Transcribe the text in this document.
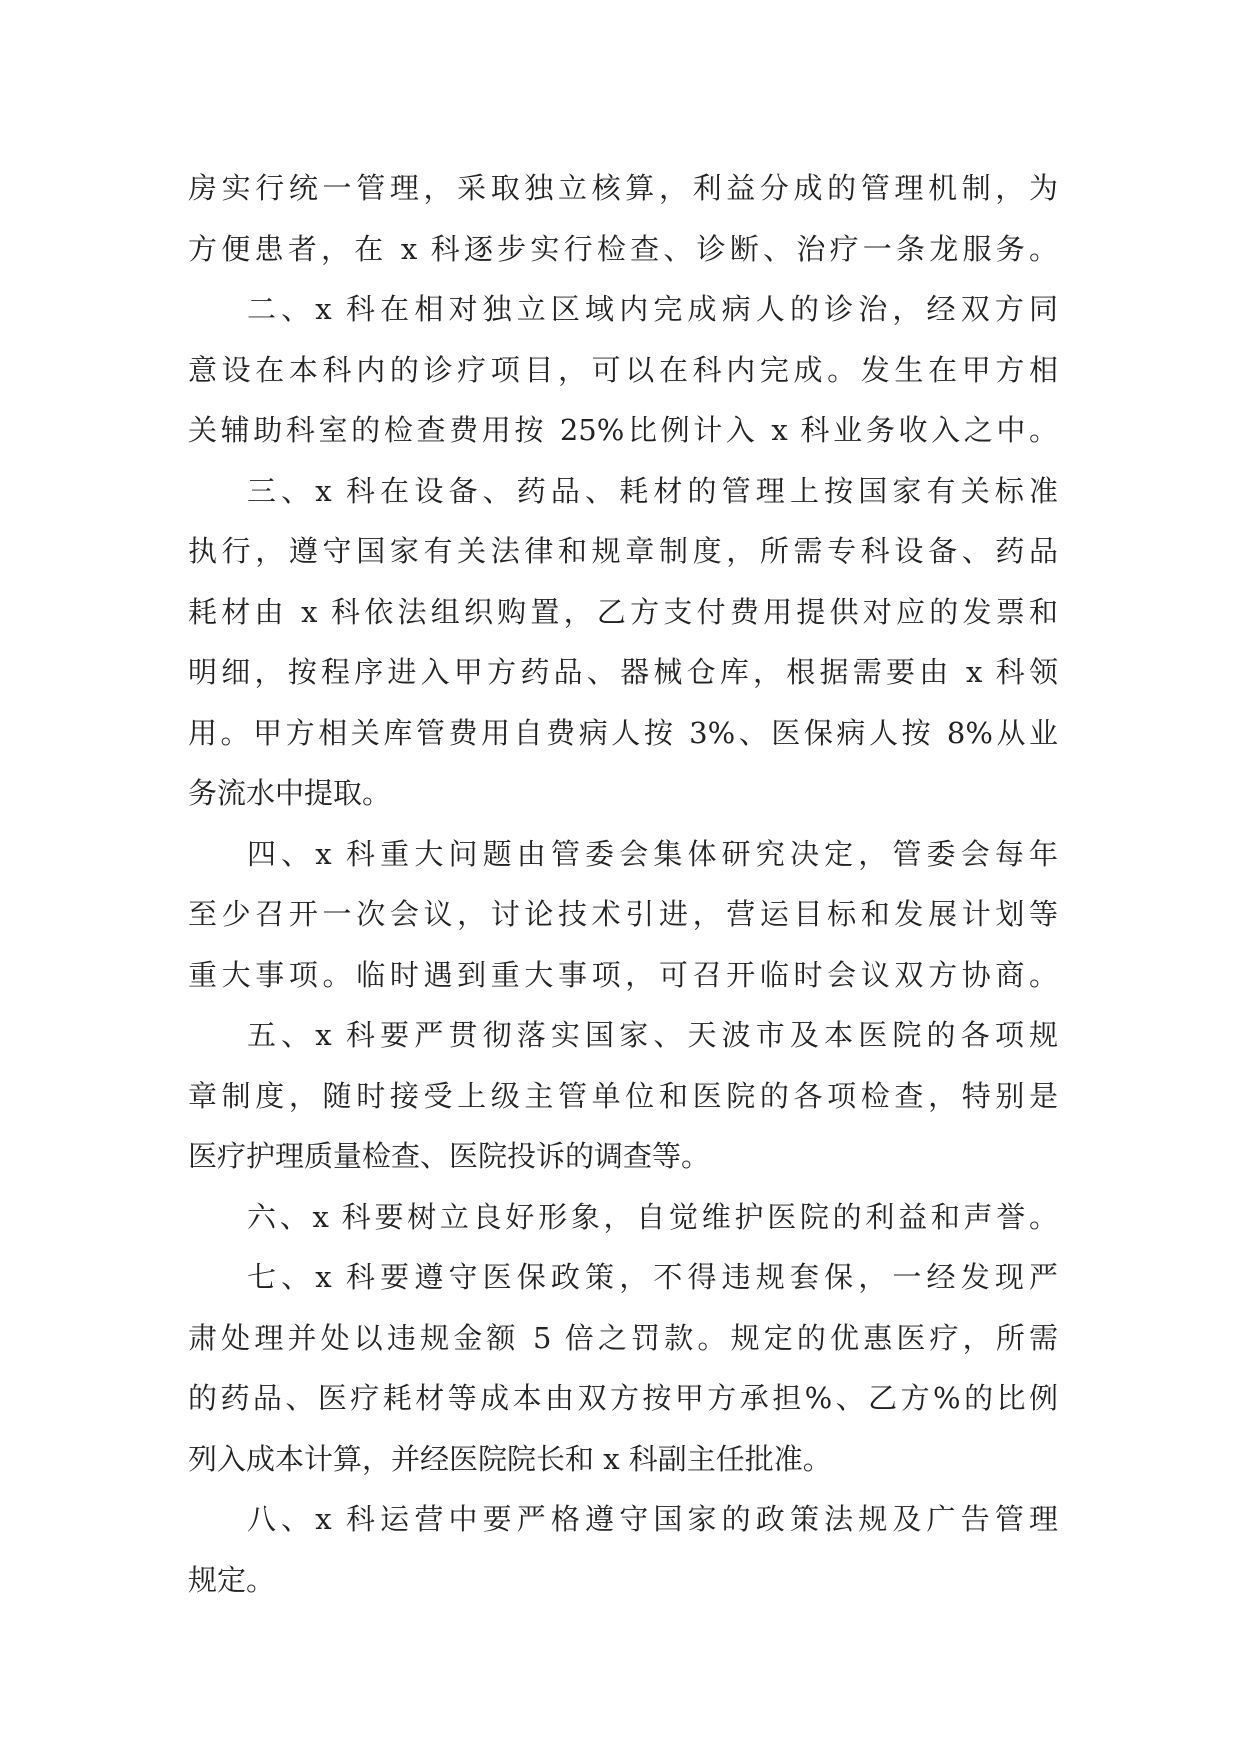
房实行统一管理，采取独立核算，利益分成的管理机制，为
方便患者，在 x 科逐步实行检查、诊断、治疗一条龙服务。
二、x 科在相对独立区域内完成病人的诊治，经双方同
意设在本科内的诊疗项目，可以在科内完成。发生在甲方相
关辅助科室的检查费用按 25%比例计入 x 科业务收入之中。
三、x 科在设备、药品、耗材的管理上按国家有关标准
执行，遵守国家有关法律和规章制度，所需专科设备、药品
耗材由 x 科依法组织购置，乙方支付费用提供对应的发票和
明细，按程序进入甲方药品、器械仓库，根据需要由 x 科领
用。甲方相关库管费用自费病人按 3%、医保病人按 8%从业
务流水中提取。
四、x 科重大问题由管委会集体研究决定，管委会每年
至少召开一次会议，讨论技术引进，营运目标和发展计划等
重大事项。临时遇到重大事项，可召开临时会议双方协商。
五、x 科要严贯彻落实国家、天波市及本医院的各项规
章制度，随时接受上级主管单位和医院的各项检查，特别是
医疗护理质量检查、医院投诉的调查等。
六、x 科要树立良好形象，自觉维护医院的利益和声誉。
七、x 科要遵守医保政策，不得违规套保，一经发现严
肃处理并处以违规金额 5 倍之罚款。规定的优惠医疗，所需
的药品、医疗耗材等成本由双方按甲方承担%、乙方%的比例
列入成本计算，并经医院院长和 x 科副主任批准。
八、x 科运营中要严格遵守国家的政策法规及广告管理
规定。
